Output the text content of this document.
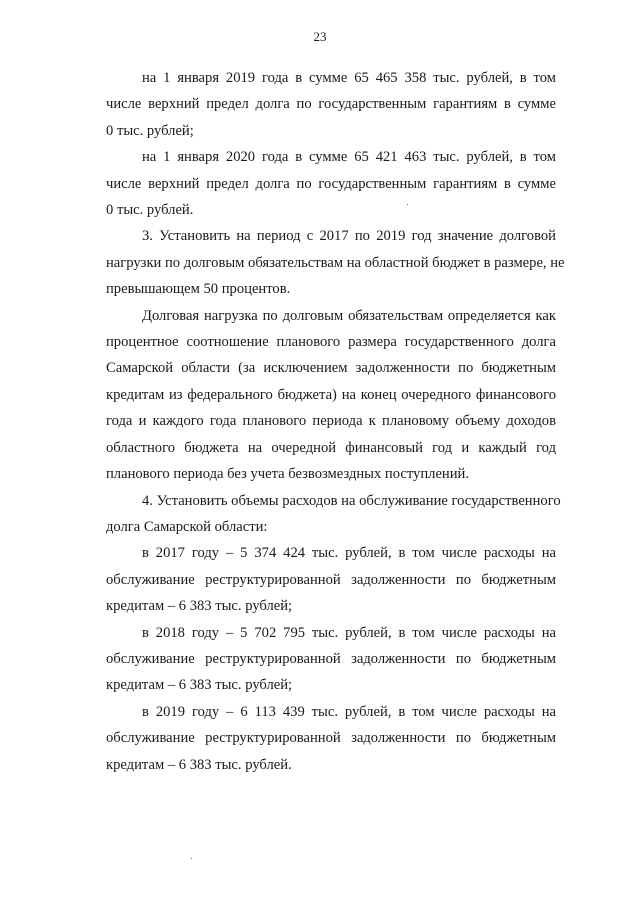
23
на 1 января 2019 года в сумме 65 465 358 тыс. рублей, в том
числе верхний предел долга по государственным гарантиям в сумме
0 тыс. рублей;
на 1 января 2020 года в сумме 65 421 463 тыс. рублей, в том
числе верхний предел долга по государственным гарантиям в сумме
0 тыс. рублей.
3. Установить на период с 2017 по 2019 год значение долговой
нагрузки по долговым обязательствам на областной бюджет в размере, не
превышающем 50 процентов.
Долговая нагрузка по долговым обязательствам определяется как
процентное соотношение планового размера государственного долга
Самарской области (за исключением задолженности по бюджетным
кредитам из федерального бюджета) на конец очередного финансового
года и каждого года планового периода к плановому объему доходов
областного бюджета на очередной финансовый год и каждый год
планового периода без учета безвозмездных поступлений.
4. Установить объемы расходов на обслуживание государственного
долга Самарской области:
в 2017 году – 5 374 424 тыс. рублей, в том числе расходы на
обслуживание реструктурированной задолженности по бюджетным
кредитам – 6 383 тыс. рублей;
в 2018 году – 5 702 795 тыс. рублей, в том числе расходы на
обслуживание реструктурированной задолженности по бюджетным
кредитам – 6 383 тыс. рублей;
в 2019 году – 6 113 439 тыс. рублей, в том числе расходы на
обслуживание реструктурированной задолженности по бюджетным
кредитам – 6 383 тыс. рублей.
